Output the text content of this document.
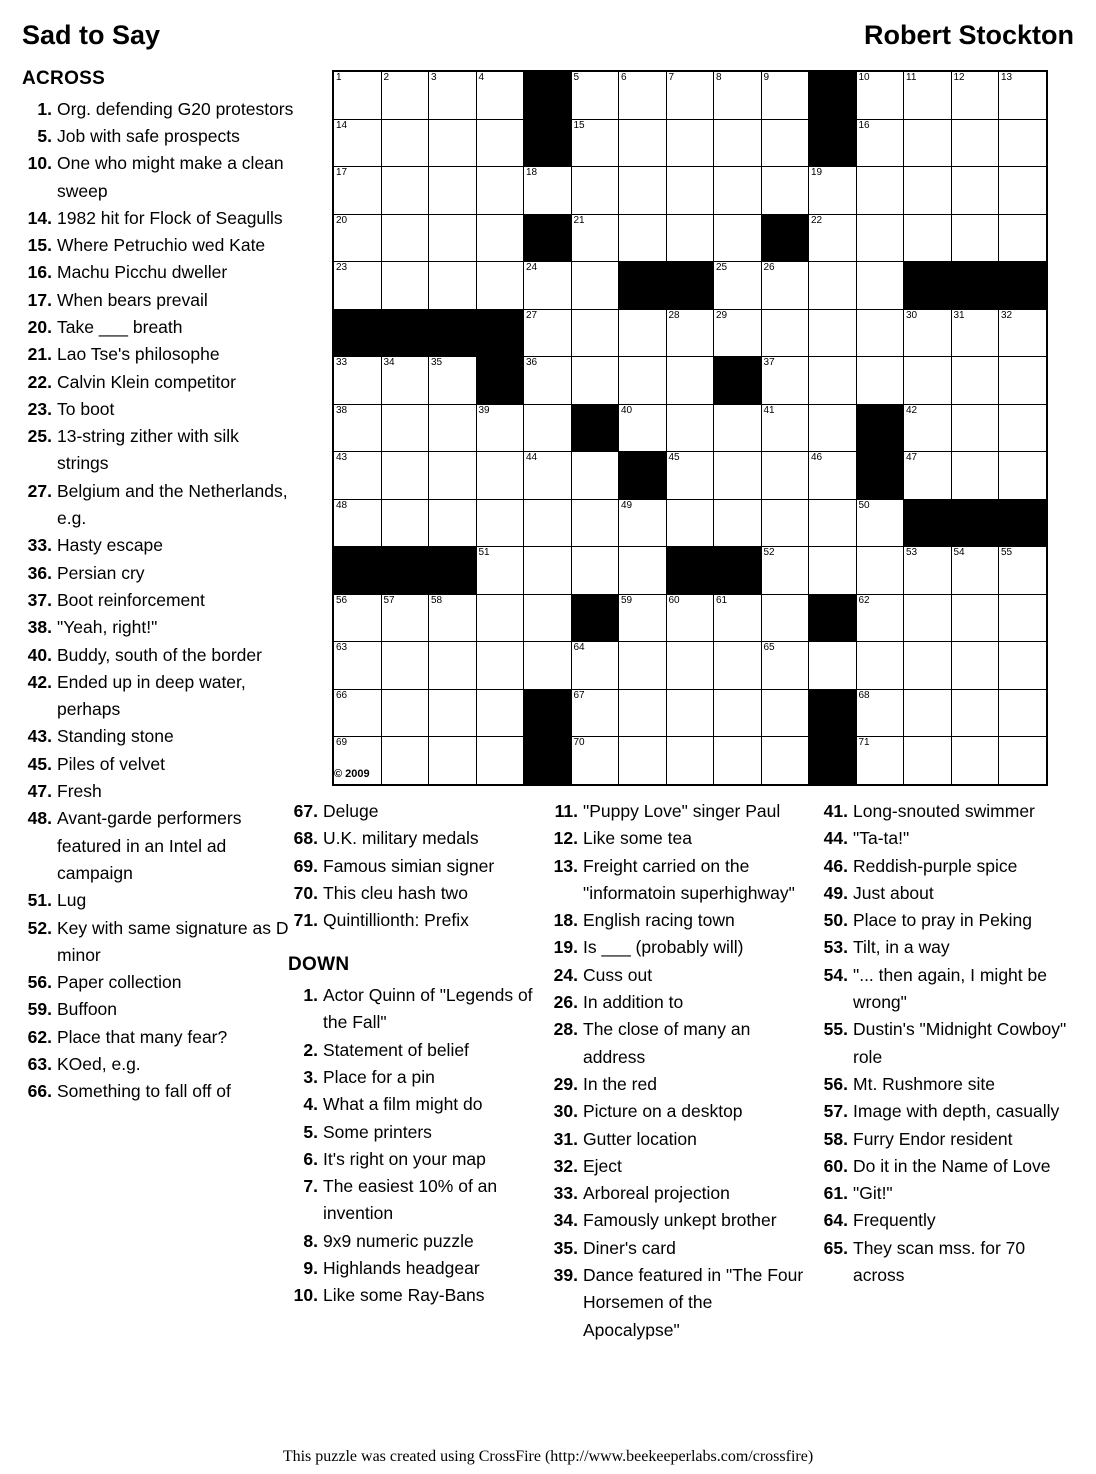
Sad to Say	Robert Stockton
ACROSS
1. Org. defending G20 protestors
5. Job with safe prospects
10. One who might make a clean sweep
14. 1982 hit for Flock of Seagulls
15. Where Petruchio wed Kate
16. Machu Picchu dweller
17. When bears prevail
20. Take ___ breath
21. Lao Tse's philosophe
22. Calvin Klein competitor
23. To boot
25. 13-string zither with silk strings
27. Belgium and the Netherlands, e.g.
33. Hasty escape
36. Persian cry
37. Boot reinforcement
38. "Yeah, right!"
40. Buddy, south of the border
42. Ended up in deep water, perhaps
43. Standing stone
45. Piles of velvet
47. Fresh
48. Avant-garde performers featured in an Intel ad campaign
51. Lug
52. Key with same signature as D minor
56. Paper collection
59. Buffoon
62. Place that many fear?
63. KOed, e.g.
66. Something to fall off of
1	2	3	4		5	6	7	8	9		10	11	12	13

14					15						16			

17				18						19				

20					21					22				

23				24				25	26					

				27			28	29				30	31	32

33	34	35		36					37					

38			39			40			41			42		

43				44			45			46		47		

48						49					50			

			51						52			53	54	55

56	57	58				59	60	61			62			

63					64				65					

66					67						68			

69					70						71			

© 2009
67. Deluge
68. U.K. military medals
69. Famous simian signer
70. This cleu hash two
71. Quintillionth: Prefix
DOWN
1. Actor Quinn of "Legends of the Fall"
2. Statement of belief
3. Place for a pin
4. What a film might do
5. Some printers
6. It's right on your map
7. The easiest 10% of an invention
8. 9x9 numeric puzzle
9. Highlands headgear
10. Like some Ray-Bans
11. "Puppy Love" singer Paul
12. Like some tea
13. Freight carried on the "informatoin superhighway"
18. English racing town
19. Is ___ (probably will)
24. Cuss out
26. In addition to
28. The close of many an address
29. In the red
30. Picture on a desktop
31. Gutter location
32. Eject
33. Arboreal projection
34. Famously unkept brother
35. Diner's card
39. Dance featured in "The Four Horsemen of the Apocalypse"
41. Long-snouted swimmer
44. "Ta-ta!"
46. Reddish-purple spice
49. Just about
50. Place to pray in Peking
53. Tilt, in a way
54. "... then again, I might be wrong"
55. Dustin's "Midnight Cowboy" role
56. Mt. Rushmore site
57. Image with depth, casually
58. Furry Endor resident
60. Do it in the Name of Love
61. "Git!"
64. Frequently
65. They scan mss. for 70 across
This puzzle was created using CrossFire (http://www.beekeeperlabs.com/crossfire)
